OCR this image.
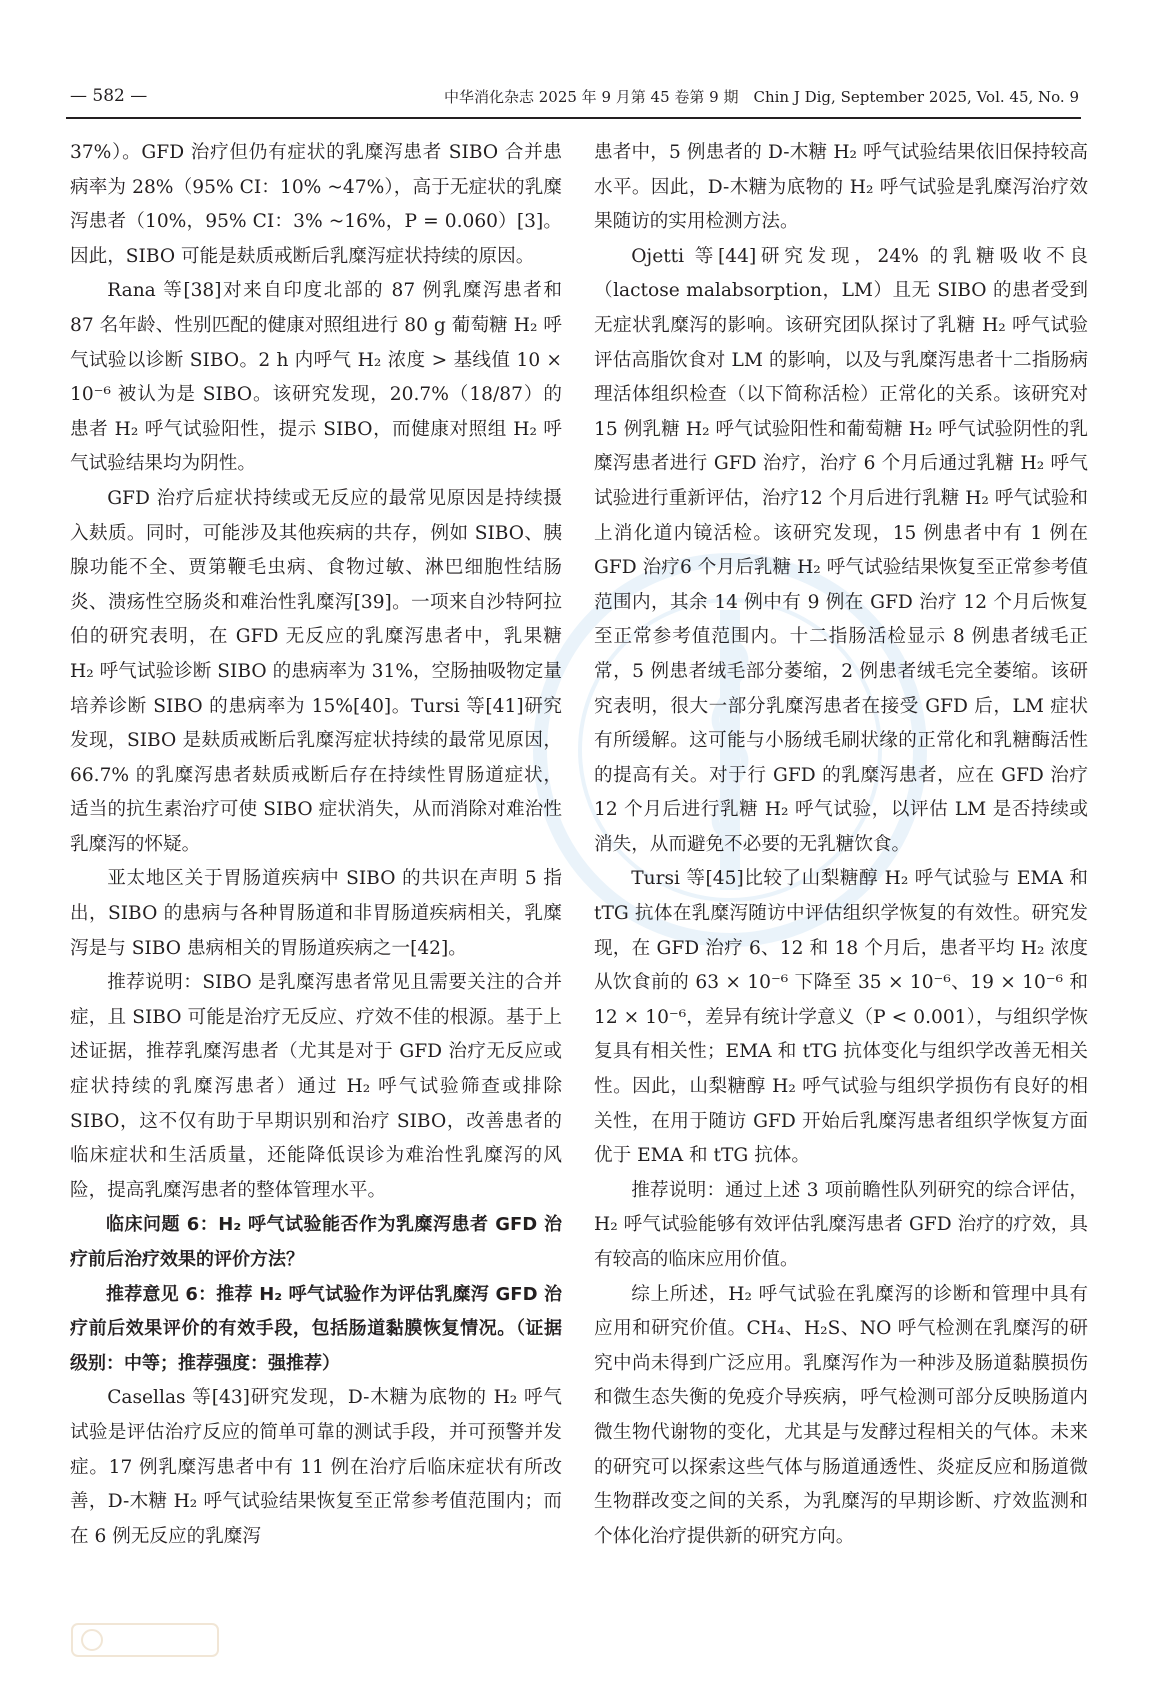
— 582 —	中华消化杂志 2025 年 9 月第 45 卷第 9 期　Chin J Dig, September 2025, Vol. 45, No. 9

37%）。GFD 治疗但仍有症状的乳糜泻患者 SIBO 合并患病率为 28%（95% CI：10% ~47%），高于无症状的乳糜泻患者（10%，95% CI：3% ~16%，P = 0.060）[3]。因此，SIBO 可能是麸质戒断后乳糜泻症状持续的原因。

Rana 等[38]对来自印度北部的 87 例乳糜泻患者和 87 名年龄、性别匹配的健康对照组进行 80 g 葡萄糖 H₂ 呼气试验以诊断 SIBO。2 h 内呼气 H₂ 浓度 > 基线值 10 × 10⁻⁶ 被认为是 SIBO。该研究发现，20.7%（18/87）的患者 H₂ 呼气试验阳性，提示 SIBO，而健康对照组 H₂ 呼气试验结果均为阴性。

GFD 治疗后症状持续或无反应的最常见原因是持续摄入麸质。同时，可能涉及其他疾病的共存，例如 SIBO、胰腺功能不全、贾第鞭毛虫病、食物过敏、淋巴细胞性结肠炎、溃疡性空肠炎和难治性乳糜泻[39]。一项来自沙特阿拉伯的研究表明，在 GFD 无反应的乳糜泻患者中，乳果糖 H₂ 呼气试验诊断 SIBO 的患病率为 31%，空肠抽吸物定量培养诊断 SIBO 的患病率为 15%[40]。Tursi 等[41]研究发现，SIBO 是麸质戒断后乳糜泻症状持续的最常见原因，66.7% 的乳糜泻患者麸质戒断后存在持续性胃肠道症状，适当的抗生素治疗可使 SIBO 症状消失，从而消除对难治性乳糜泻的怀疑。

亚太地区关于胃肠道疾病中 SIBO 的共识在声明 5 指出，SIBO 的患病与各种胃肠道和非胃肠道疾病相关，乳糜泻是与 SIBO 患病相关的胃肠道疾病之一[42]。

推荐说明：SIBO 是乳糜泻患者常见且需要关注的合并症，且 SIBO 可能是治疗无反应、疗效不佳的根源。基于上述证据，推荐乳糜泻患者（尤其是对于 GFD 治疗无反应或症状持续的乳糜泻患者）通过 H₂ 呼气试验筛查或排除 SIBO，这不仅有助于早期识别和治疗 SIBO，改善患者的临床症状和生活质量，还能降低误诊为难治性乳糜泻的风险，提高乳糜泻患者的整体管理水平。

临床问题 6：H₂ 呼气试验能否作为乳糜泻患者 GFD 治疗前后治疗效果的评价方法？

推荐意见 6：推荐 H₂ 呼气试验作为评估乳糜泻 GFD 治疗前后效果评价的有效手段，包括肠道黏膜恢复情况。（证据级别：中等；推荐强度：强推荐）

Casellas 等[43]研究发现，D-木糖为底物的 H₂ 呼气试验是评估治疗反应的简单可靠的测试手段，并可预警并发症。17 例乳糜泻患者中有 11 例在治疗后临床症状有所改善，D-木糖 H₂ 呼气试验结果恢复至正常参考值范围内；而在 6 例无反应的乳糜泻

患者中，5 例患者的 D-木糖 H₂ 呼气试验结果依旧保持较高水平。因此，D-木糖为底物的 H₂ 呼气试验是乳糜泻治疗效果随访的实用检测方法。

Ojetti 等[44]研究发现，24% 的乳糖吸收不良（lactose malabsorption，LM）且无 SIBO 的患者受到无症状乳糜泻的影响。该研究团队探讨了乳糖 H₂ 呼气试验评估高脂饮食对 LM 的影响，以及与乳糜泻患者十二指肠病理活体组织检查（以下简称活检）正常化的关系。该研究对 15 例乳糖 H₂ 呼气试验阳性和葡萄糖 H₂ 呼气试验阴性的乳糜泻患者进行 GFD 治疗，治疗 6 个月后通过乳糖 H₂ 呼气试验进行重新评估，治疗12 个月后进行乳糖 H₂ 呼气试验和上消化道内镜活检。该研究发现，15 例患者中有 1 例在 GFD 治疗6 个月后乳糖 H₂ 呼气试验结果恢复至正常参考值范围内，其余 14 例中有 9 例在 GFD 治疗 12 个月后恢复至正常参考值范围内。十二指肠活检显示 8 例患者绒毛正常，5 例患者绒毛部分萎缩，2 例患者绒毛完全萎缩。该研究表明，很大一部分乳糜泻患者在接受 GFD 后，LM 症状有所缓解。这可能与小肠绒毛刷状缘的正常化和乳糖酶活性的提高有关。对于行 GFD 的乳糜泻患者，应在 GFD 治疗 12 个月后进行乳糖 H₂ 呼气试验，以评估 LM 是否持续或消失，从而避免不必要的无乳糖饮食。

Tursi 等[45]比较了山梨糖醇 H₂ 呼气试验与 EMA 和 tTG 抗体在乳糜泻随访中评估组织学恢复的有效性。研究发现，在 GFD 治疗 6、12 和 18 个月后，患者平均 H₂ 浓度从饮食前的 63 × 10⁻⁶ 下降至 35 × 10⁻⁶、19 × 10⁻⁶ 和 12 × 10⁻⁶，差异有统计学意义（P < 0.001），与组织学恢复具有相关性；EMA 和 tTG 抗体变化与组织学改善无相关性。因此，山梨糖醇 H₂ 呼气试验与组织学损伤有良好的相关性，在用于随访 GFD 开始后乳糜泻患者组织学恢复方面优于 EMA 和 tTG 抗体。

推荐说明：通过上述 3 项前瞻性队列研究的综合评估，H₂ 呼气试验能够有效评估乳糜泻患者 GFD 治疗的疗效，具有较高的临床应用价值。

综上所述，H₂ 呼气试验在乳糜泻的诊断和管理中具有应用和研究价值。CH₄、H₂S、NO 呼气检测在乳糜泻的研究中尚未得到广泛应用。乳糜泻作为一种涉及肠道黏膜损伤和微生态失衡的免疫介导疾病，呼气检测可部分反映肠道内微生物代谢物的变化，尤其是与发酵过程相关的气体。未来的研究可以探索这些气体与肠道通透性、炎症反应和肠道微生物群改变之间的关系，为乳糜泻的早期诊断、疗效监测和个体化治疗提供新的研究方向。
